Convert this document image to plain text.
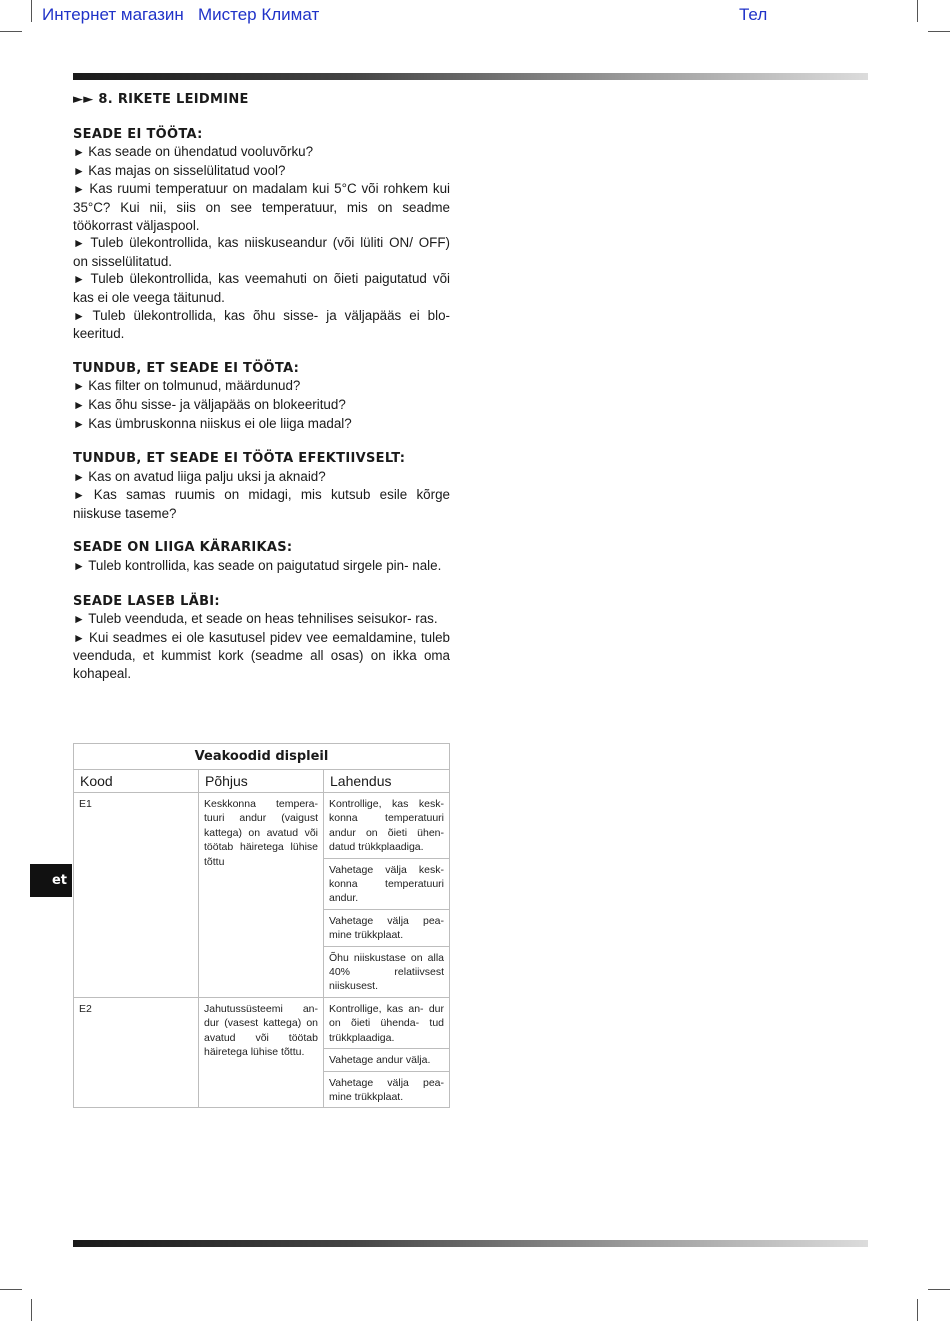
Интернет магазин   Мистер Климат	Тел

►► 8. RIKETE LEIDMINE

SEADE EI TÖÖTA:

► Kas seade on ühendatud vooluvõrku?

► Kas majas on sisselülitatud vool?

► Kas ruumi temperatuur on madalam kui 5°C või rohkem kui 35°C? Kui nii, siis on see temperatuur, mis on seadme töökorrast väljaspool.

► Tuleb ülekontrollida, kas niiskuseandur (või lüliti ON/ OFF) on sisselülitatud.

► Tuleb ülekontrollida, kas veemahuti on õieti paigutatud või kas ei ole veega täitunud.

► Tuleb ülekontrollida, kas õhu sisse- ja väljapääs ei blo- keeritud.

TUNDUB, ET SEADE EI TÖÖTA:

► Kas filter on tolmunud, määrdunud?

► Kas õhu sisse- ja väljapääs on blokeeritud?

► Kas ümbruskonna niiskus ei ole liiga madal?

TUNDUB, ET SEADE EI TÖÖTA EFEKTIIVSELT:

► Kas on avatud liiga palju uksi ja aknaid?

► Kas samas ruumis on midagi, mis kutsub esile kõrge niiskuse taseme?

SEADE ON LIIGA KÄRARIKAS:

► Tuleb kontrollida, kas seade on paigutatud sirgele pin- nale.

SEADE LASEB LÄBI:

► Tuleb veenduda, et seade on heas tehnilises seisukor- ras.

► Kui seadmes ei ole kasutusel pidev vee eemaldamine, tuleb veenduda, et kummist kork (seadme all osas) on ikka oma kohapeal.

et
Veakoodid displeil		
Kood	Põhjus	Lahendus
E1	Keskkonna tempera- tuuri andur (vaigust kattega) on avatud või töötab häiretega lühise tõttu	Kontrollige, kas kesk- konna temperatuuri andur on õieti ühen- datud trükkplaadiga.
		Vahetage välja kesk- konna temperatuuri andur.
		Vahetage välja pea- mine trükkplaat.
		Õhu niiskustase on alla 40% relatiivsest niiskusest.
E2	Jahutussüsteemi an- dur (vasest kattega) on avatud või töötab häiretega lühise tõttu.	Kontrollige, kas an- dur on õieti ühenda- tud trükkplaadiga.
		Vahetage andur välja.
		Vahetage välja pea- mine trükkplaat.
